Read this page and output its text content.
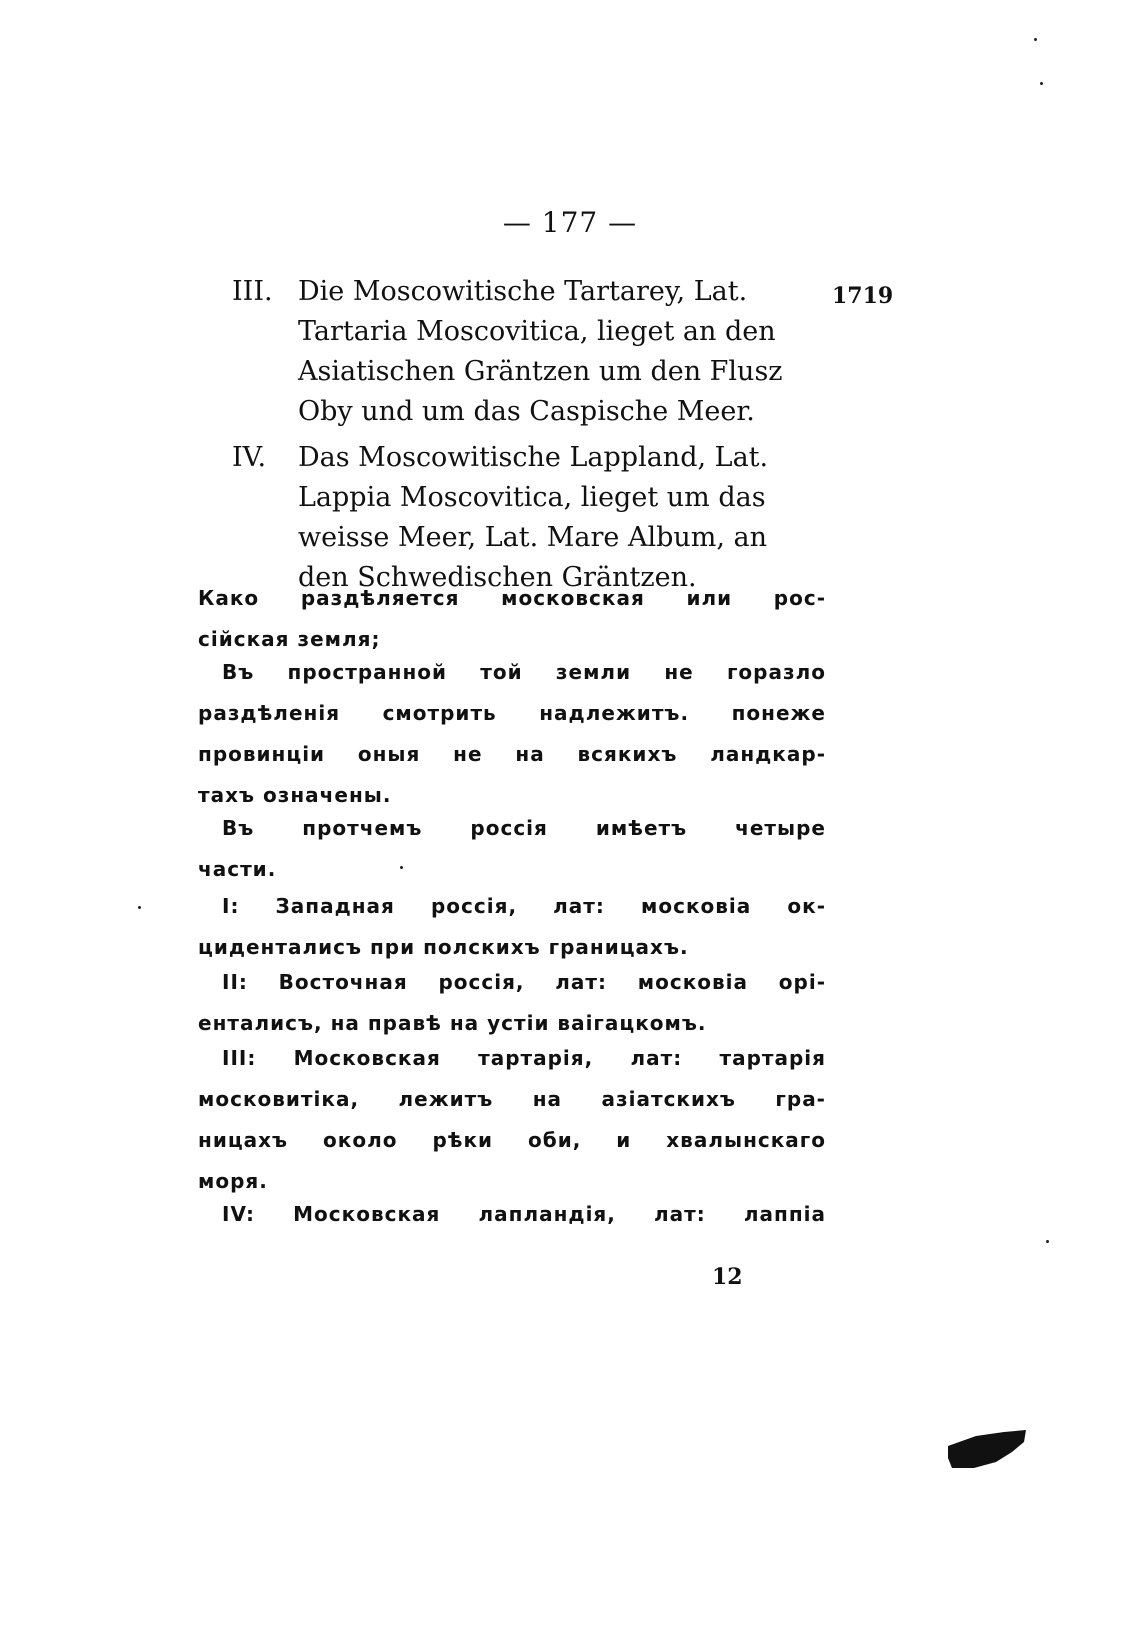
— 177 —
1719
III. Die Moscowitische Tartarey, Lat.
Tartaria Moscovitica, lieget an den
Asiatischen Gräntzen um den Flusz
Oby und um das Caspische Meer.
IV.	Das Moscowitische Lappland, Lat.
Lappia Moscovitica, lieget um das
weisse Meer, Lat. Mare Album, an
den Schwedischen Gräntzen.
Како раздѣляется московская или рос-
сійская земля;
Въ пространной той земли не горазло
раздѣленія смотрить надлежитъ. понеже
провинціи оныя не на всякихъ ландкар-
тахъ означены.
Въ протчемъ россія имѣетъ четыре
части.
I: Западная россія, лат: московіа ок-
циденталисъ при полскихъ границахъ.
II: Восточная россія, лат: московіа орі-
енталисъ, на правѣ на устіи ваігацкомъ.
III: Московская тартарія, лат: тартарія
московитіка, лежитъ на азіатскихъ гра-
ницахъ около рѣки оби, и хвалынскаго
моря.
IV: Московская лапландія, лат: лаппіа
12
